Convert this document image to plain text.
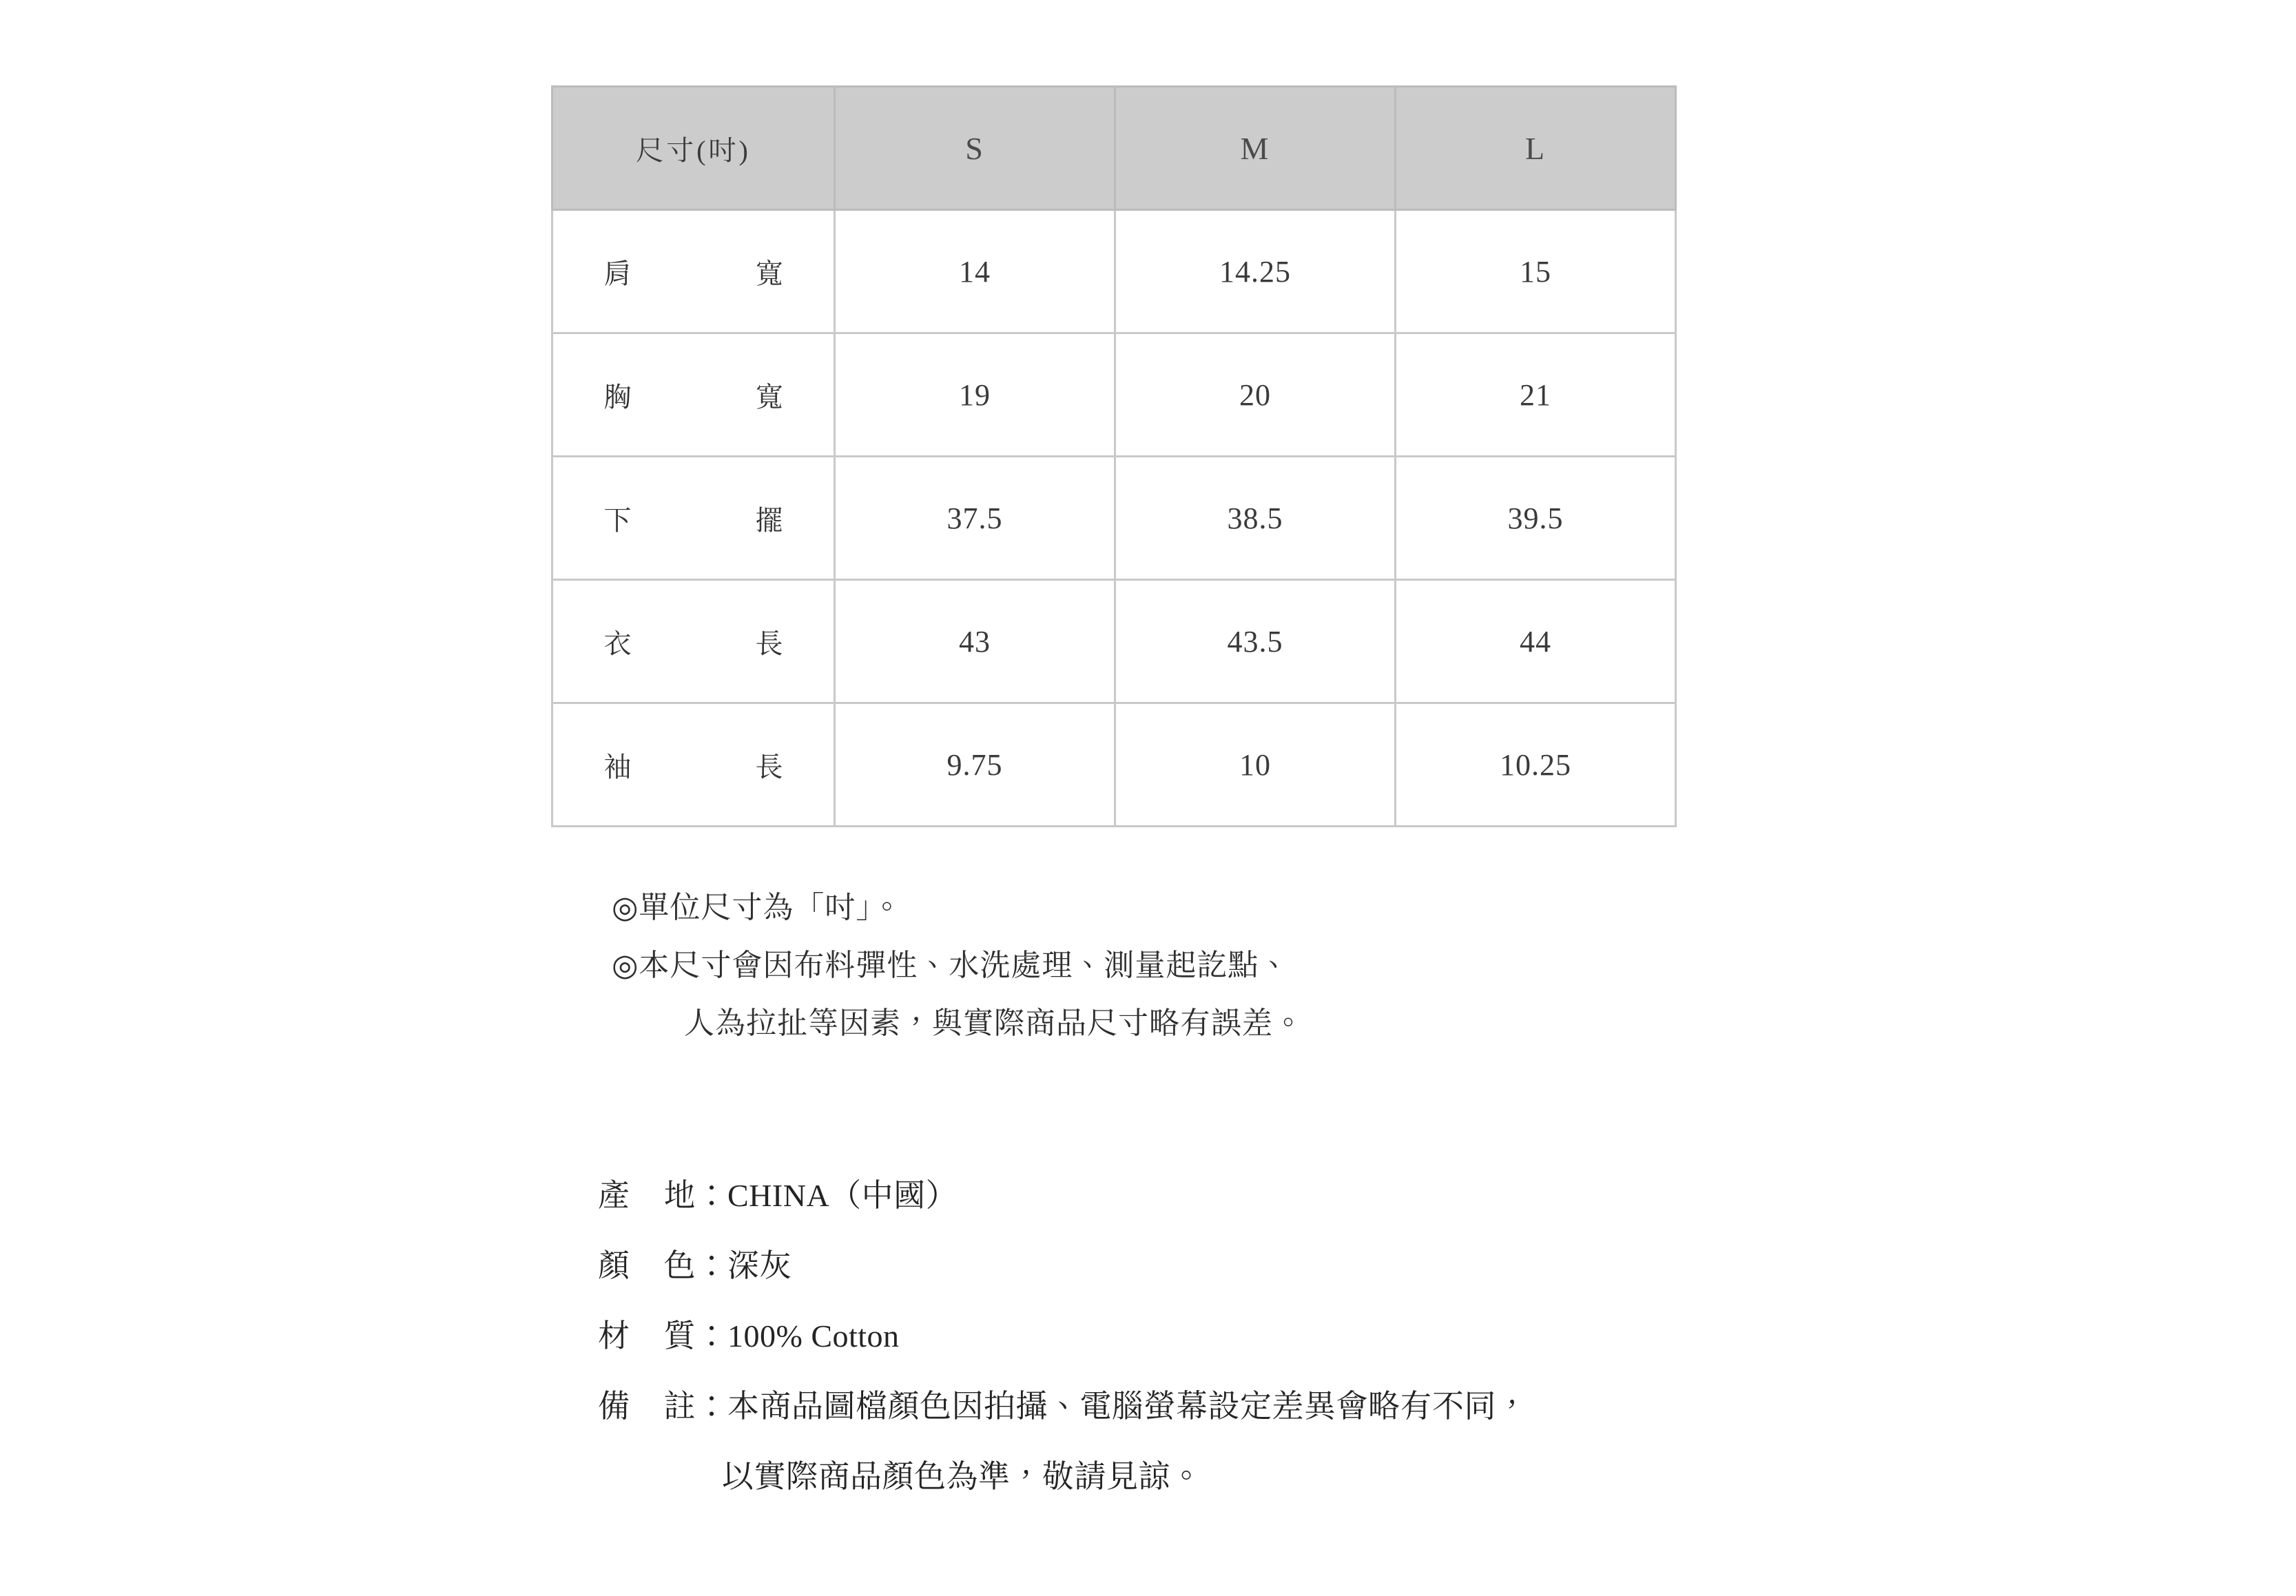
尺寸(吋)	S	M	L
肩寬	14	14.25	15
胸寬	19	20	21
下擺	37.5	38.5	39.5
衣長	43	43.5	44
袖長	9.75	10	10.25
◎單位尺寸為「吋」。
◎本尺寸會因布料彈性、水洗處理、測量起訖點、
人為拉扯等因素，與實際商品尺寸略有誤差。
產地：CHINA（中國）
顏色：深灰
材質：100% Cotton
備註：本商品圖檔顏色因拍攝、電腦螢幕設定差異會略有不同，
以實際商品顏色為準，敬請見諒。
